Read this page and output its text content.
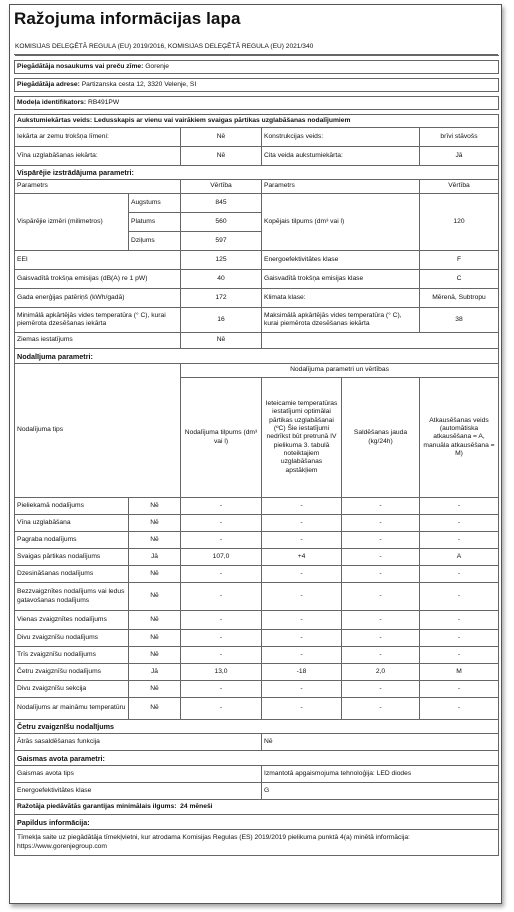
Ražojuma informācijas lapa
KOMISIJAS DELEĢĒTĀ REGULA (EU) 2019/2016, KOMISIJAS DELEĢĒTĀ REGULA (EU) 2021/340

Piegādātāja nosaukums vai preču zīme: Gorenje					

Piegādātāja adrese: Partizanska cesta 12, 3320 Velenje, SI					

Modeļa identifikators: RB491PW					

Aukstumiekārtas veids: Ledusskapis ar vienu vai vairākiem svaigas pārtikas uzglabāšanas nodalījumiem					
Iekārta ar zemu trokšņa līmeni:		Nē	Konstrukcijas veids:		brīvi stāvošs
Vīna uzglabāšanas iekārta:		Nē	Cita veida aukstumiekārta:		Jā
Vispārējie izstrādājuma parametri:					
Parametrs		Vērtība	Parametrs		Vērtība
Vispārējie izmēri (milimetros)	Augstums	845	Kopējais tilpums (dm³ vai l)		120
	Platums	560			
	Dziļums	597			
EEI		125	Energoefektivitātes klase		F
Gaisvadītā trokšņa emisijas (dB(A) re 1 pW)		40	Gaisvadītā trokšņa emisijas klase		C
Gada enerģijas patēriņš (kWh/gadā)		172	Klimata klase:		Mērenā, Subtropu
Minimālā apkārtējās vides temperatūra (° C), kurai piemērota dzesēšanas iekārta		16	Maksimālā apkārtējās vides temperatūra (° C), kurai piemērota dzesēšanas iekārta		38
Ziemas iestatījums		Nē			
Nodalījuma parametri:					
Nodalījuma tips		Nodalījuma parametri un vērtības			
		Nodalījuma tilpums (dm³ vai l)	Ieteicamie temperatūras iestatījumi optimālai pārtikas uzglabāšanai (ºC) Šie iestatījumi nedrīkst būt pretrunā IV pielikuma 3. tabulā noteiktajiem uzglabāšanas apstākļiem	Saldēšanas jauda (kg/24h)	Atkausēšanas veids (automātiska atkausēšana = A, manuāla atkausēšana = M)
Pieliekamā nodalījums	Nē	-	-	-	-
Vīna uzglabāšana	Nē	-	-	-	-
Pagraba nodalījums	Nē	-	-	-	-
Svaigas pārtikas nodalījums	Jā	107,0	+4	-	A
Dzesināšanas nodalījums	Nē	-	-	-	-
Bezzvaigznītes nodalījums vai ledus gatavošanas nodalījums	Nē	-	-	-	-
Vienas zvaigznītes nodalījums	Nē	-	-	-	-
Divu zvaigznīšu nodalījums	Nē	-	-	-	-
Trīs zvaigznīšu nodalījums	Nē	-	-	-	-
Četru zvaigznīšu nodalījums	Jā	13,0	-18	2,0	M
Divu zvaigznīšu sekcija	Nē	-	-	-	-
Nodalījums ar maināmu temperatūru	Nē	-	-	-	-
Četru zvaigznīšu nodalījums					
Ātrās sasaldēšanas funkcija			Nē		
Gaismas avota parametri:					
Gaismas avota tips			Izmantotā apgaismojuma tehnoloģija: LED diodes		
Energoefektivitātes klase			G		
Ražotāja piedāvātās garantijas minimālais ilgums: 24 mēneši					
Papildus informācija:					
Tīmekļa saite uz piegādātāja tīmekļvietni, kur atrodama Komisijas Regulas (ES) 2019/2019 pielikuma punktā 4(a) minētā informācija: https://www.gorenjegroup.com					
